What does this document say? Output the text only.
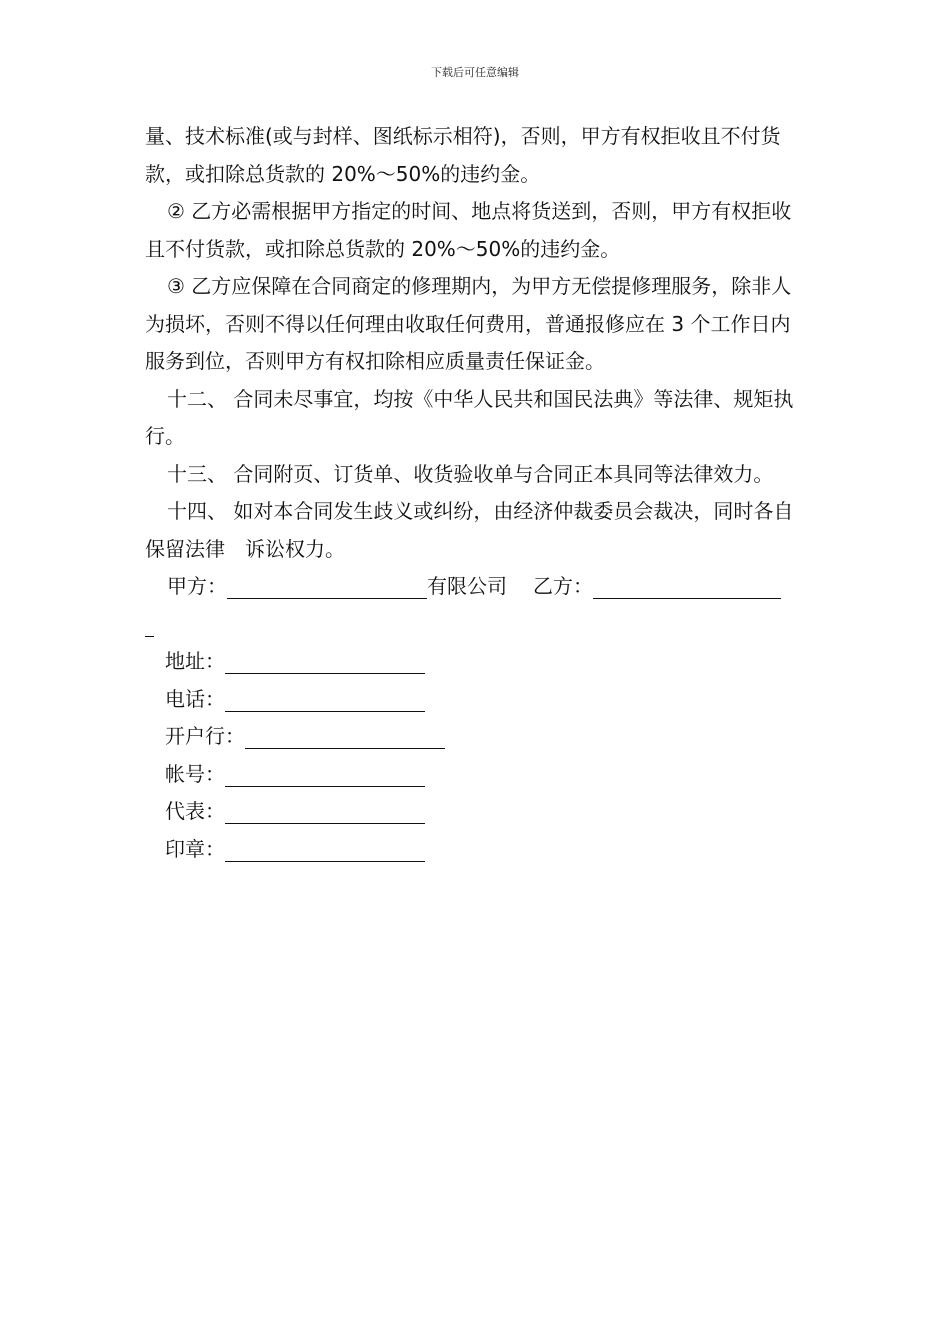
下载后可任意编辑

量、技术标准(或与封样、图纸标示相符)，否则，甲方有权拒收且不付货款，或扣除总货款的 20%～50%的违约金。

② 乙方必需根据甲方指定的时间、地点将货送到，否则，甲方有权拒收且不付货款，或扣除总货款的 20%～50%的违约金。

③ 乙方应保障在合同商定的修理期内，为甲方无偿提修理服务，除非人为损坏，否则不得以任何理由收取任何费用，普通报修应在 3 个工作日内服务到位，否则甲方有权扣除相应质量责任保证金。

十二、 合同未尽事宜，均按《中华人民共和国民法典》等法律、规矩执行。

十三、 合同附页、订货单、收货验收单与合同正本具同等法律效力。

十四、 如对本合同发生歧义或纠纷，由经济仲裁委员会裁决，同时各自保留法律　诉讼权力。

甲方：	有限公司 乙方：

地址：

电话：

开户行：

帐号：

代表：

印章：
